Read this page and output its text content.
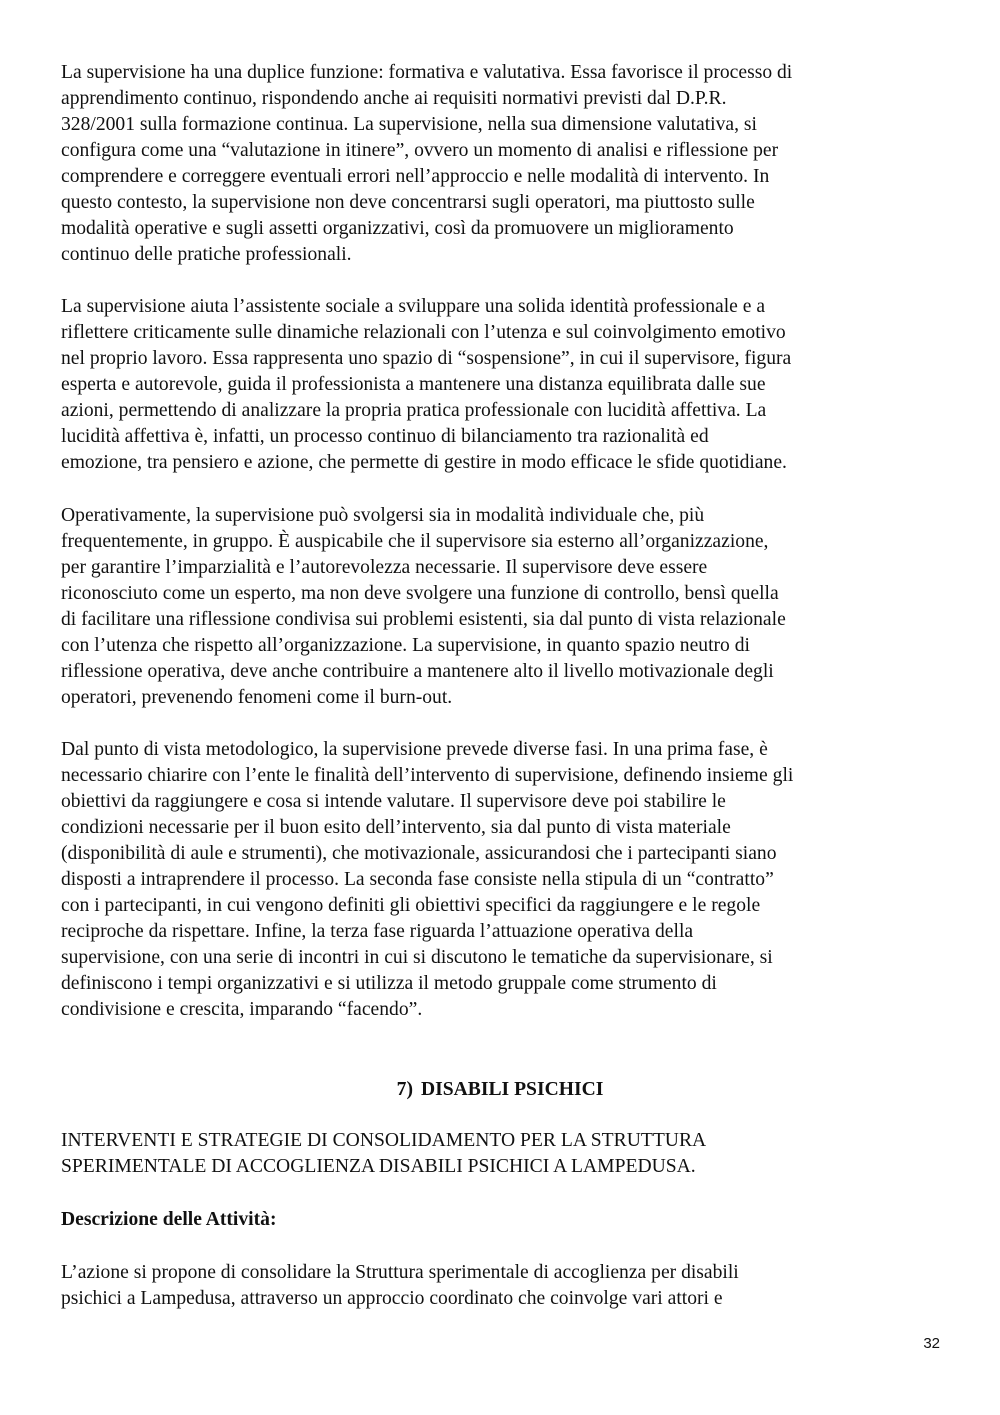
La supervisione ha una duplice funzione: formativa e valutativa. Essa favorisce il processo di
apprendimento continuo, rispondendo anche ai requisiti normativi previsti dal D.P.R.
328/2001 sulla formazione continua. La supervisione, nella sua dimensione valutativa, si
configura come una “valutazione in itinere”, ovvero un momento di analisi e riflessione per
comprendere e correggere eventuali errori nell’approccio e nelle modalità di intervento. In
questo contesto, la supervisione non deve concentrarsi sugli operatori, ma piuttosto sulle
modalità operative e sugli assetti organizzativi, così da promuovere un miglioramento
continuo delle pratiche professionali.

La supervisione aiuta l’assistente sociale a sviluppare una solida identità professionale e a
riflettere criticamente sulle dinamiche relazionali con l’utenza e sul coinvolgimento emotivo
nel proprio lavoro. Essa rappresenta uno spazio di “sospensione”, in cui il supervisore, figura
esperta e autorevole, guida il professionista a mantenere una distanza equilibrata dalle sue
azioni, permettendo di analizzare la propria pratica professionale con lucidità affettiva. La
lucidità affettiva è, infatti, un processo continuo di bilanciamento tra razionalità ed
emozione, tra pensiero e azione, che permette di gestire in modo efficace le sfide quotidiane.

Operativamente, la supervisione può svolgersi sia in modalità individuale che, più
frequentemente, in gruppo. È auspicabile che il supervisore sia esterno all’organizzazione,
per garantire l’imparzialità e l’autorevolezza necessarie. Il supervisore deve essere
riconosciuto come un esperto, ma non deve svolgere una funzione di controllo, bensì quella
di facilitare una riflessione condivisa sui problemi esistenti, sia dal punto di vista relazionale
con l’utenza che rispetto all’organizzazione. La supervisione, in quanto spazio neutro di
riflessione operativa, deve anche contribuire a mantenere alto il livello motivazionale degli
operatori, prevenendo fenomeni come il burn-out.

Dal punto di vista metodologico, la supervisione prevede diverse fasi. In una prima fase, è
necessario chiarire con l’ente le finalità dell’intervento di supervisione, definendo insieme gli
obiettivi da raggiungere e cosa si intende valutare. Il supervisore deve poi stabilire le
condizioni necessarie per il buon esito dell’intervento, sia dal punto di vista materiale
(disponibilità di aule e strumenti), che motivazionale, assicurandosi che i partecipanti siano
disposti a intraprendere il processo. La seconda fase consiste nella stipula di un “contratto”
con i partecipanti, in cui vengono definiti gli obiettivi specifici da raggiungere e le regole
reciproche da rispettare. Infine, la terza fase riguarda l’attuazione operativa della
supervisione, con una serie di incontri in cui si discutono le tematiche da supervisionare, si
definiscono i tempi organizzativi e si utilizza il metodo gruppale come strumento di
condivisione e crescita, imparando “facendo”.

7) DISABILI PSICHICI

INTERVENTI E STRATEGIE DI CONSOLIDAMENTO PER LA STRUTTURA
SPERIMENTALE DI ACCOGLIENZA DISABILI PSICHICI A LAMPEDUSA.

Descrizione delle Attività:

L’azione si propone di consolidare la Struttura sperimentale di accoglienza per disabili
psichici a Lampedusa, attraverso un approccio coordinato che coinvolge vari attori e

32
